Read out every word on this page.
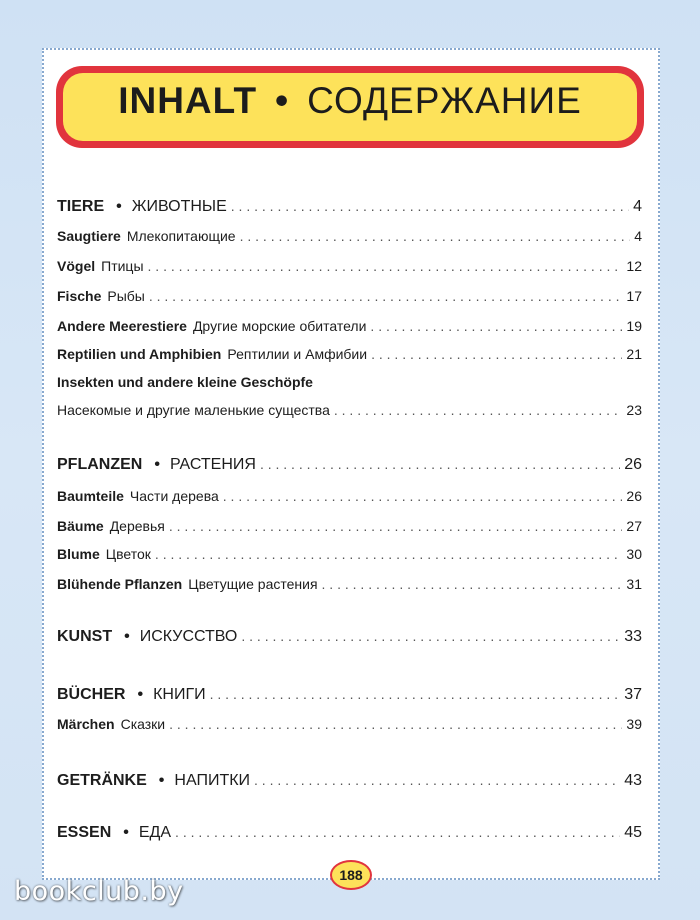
INHALT • СОДЕРЖАНИЕ
TIERE • ЖИВОТНЫЕ . . .	4
Saugtiere Млекопитающие . . .	4
Vögel Птицы . . .	12
Fische Рыбы . . .	17
Andere Meerestiere Другие морские обитатели . . .	19
Reptilien und Amphibien Рептилии и Амфибии . . .	21
Insekten und andere kleine Geschöpfe
Насекомые и другие маленькие существа . . .	23
PFLANZEN • РАСТЕНИЯ . . .	26
Baumteile Части дерева . . .	26
Bäume Деревья . . .	27
Blume Цветок . . .	30
Blühende Pflanzen Цветущие растения . . .	31
KUNST • ИСКУССТВО . . .	33
BÜCHER • КНИГИ . . .	37
Märchen Сказки . . .	39
GETRÄNKE • НАПИТКИ . . .	43
ESSEN • ЕДА . . .	45
188
bookclub.by
